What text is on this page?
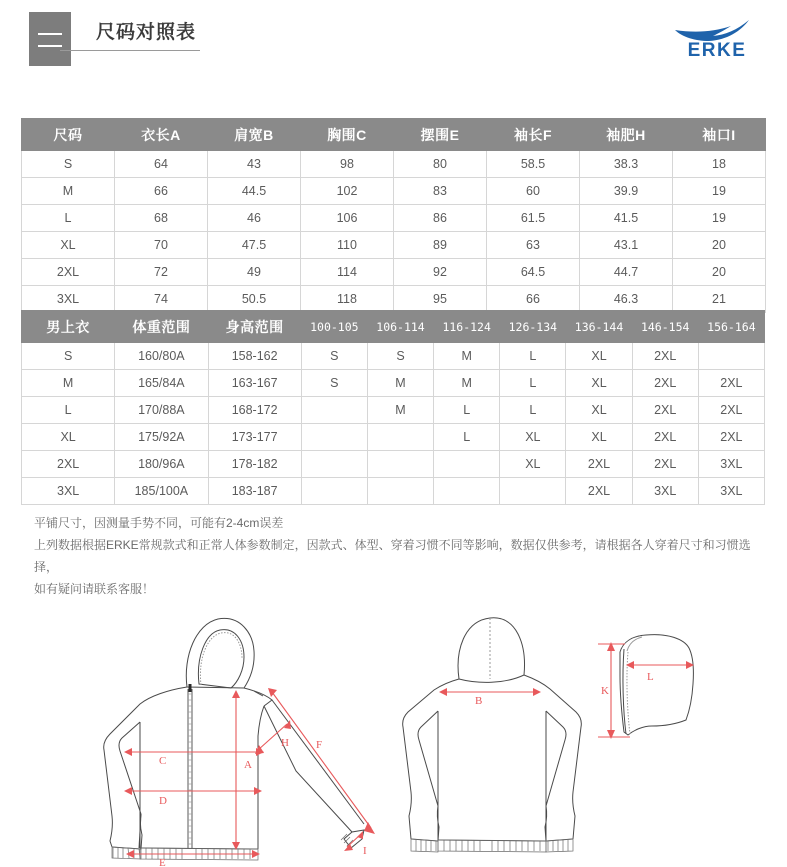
尺码对照表
ERKE
尺码	衣长A	肩宽B	胸围C	摆围E	袖长F	袖肥H	袖口I
S	64	43	98	80	58.5	38.3	18
M	66	44.5	102	83	60	39.9	19
L	68	46	106	86	61.5	41.5	19
XL	70	47.5	110	89	63	43.1	20
2XL	72	49	114	92	64.5	44.7	20
3XL	74	50.5	118	95	66	46.3	21
男上衣	体重范围	身高范围	100-105	106-114	116-124	126-134	136-144	146-154	156-164
S	160/80A	158-162	S	S	M	L	XL	2XL	
M	165/84A	163-167	S	M	M	L	XL	2XL	2XL
L	170/88A	168-172		M	L	L	XL	2XL	2XL
XL	175/92A	173-177			L	XL	XL	2XL	2XL
2XL	180/96A	178-182				XL	2XL	2XL	3XL
3XL	185/100A	183-187					2XL	3XL	3XL

平铺尺寸，因测量手势不同，可能有2-4cm误差

上列数据根据ERKE常规款式和正常人体参数制定，因款式、体型、穿着习惯不同等影响，数据仅供参考，请根据各人穿着尺寸和习惯选择，

如有疑问请联系客服！

A
C
D
E
F
H
I
B
K
L
